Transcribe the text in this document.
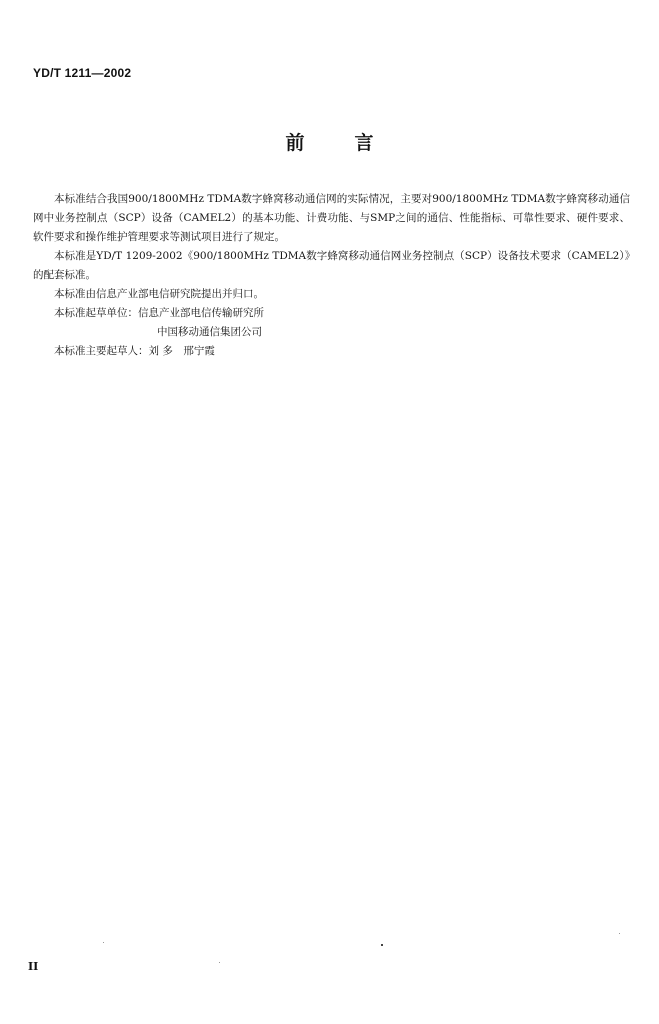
YD/T 1211—2002
前言

本标准结合我国900/1800MHz TDMA数字蜂窝移动通信网的实际情况，主要对900/1800MHz TDMA数字蜂窝移动通信网中业务控制点（SCP）设备（CAMEL2）的基本功能、计费功能、与SMP之间的通信、性能指标、可靠性要求、硬件要求、软件要求和操作维护管理要求等测试项目进行了规定。

本标准是YD/T 1209-2002《900/1800MHz TDMA数字蜂窝移动通信网业务控制点（SCP）设备技术要求（CAMEL2）》的配套标准。

本标准由信息产业部电信研究院提出并归口。

本标准起草单位：信息产业部电信传输研究所

中国移动通信集团公司

本标准主要起草人：刘 多　邢宁霞

II
